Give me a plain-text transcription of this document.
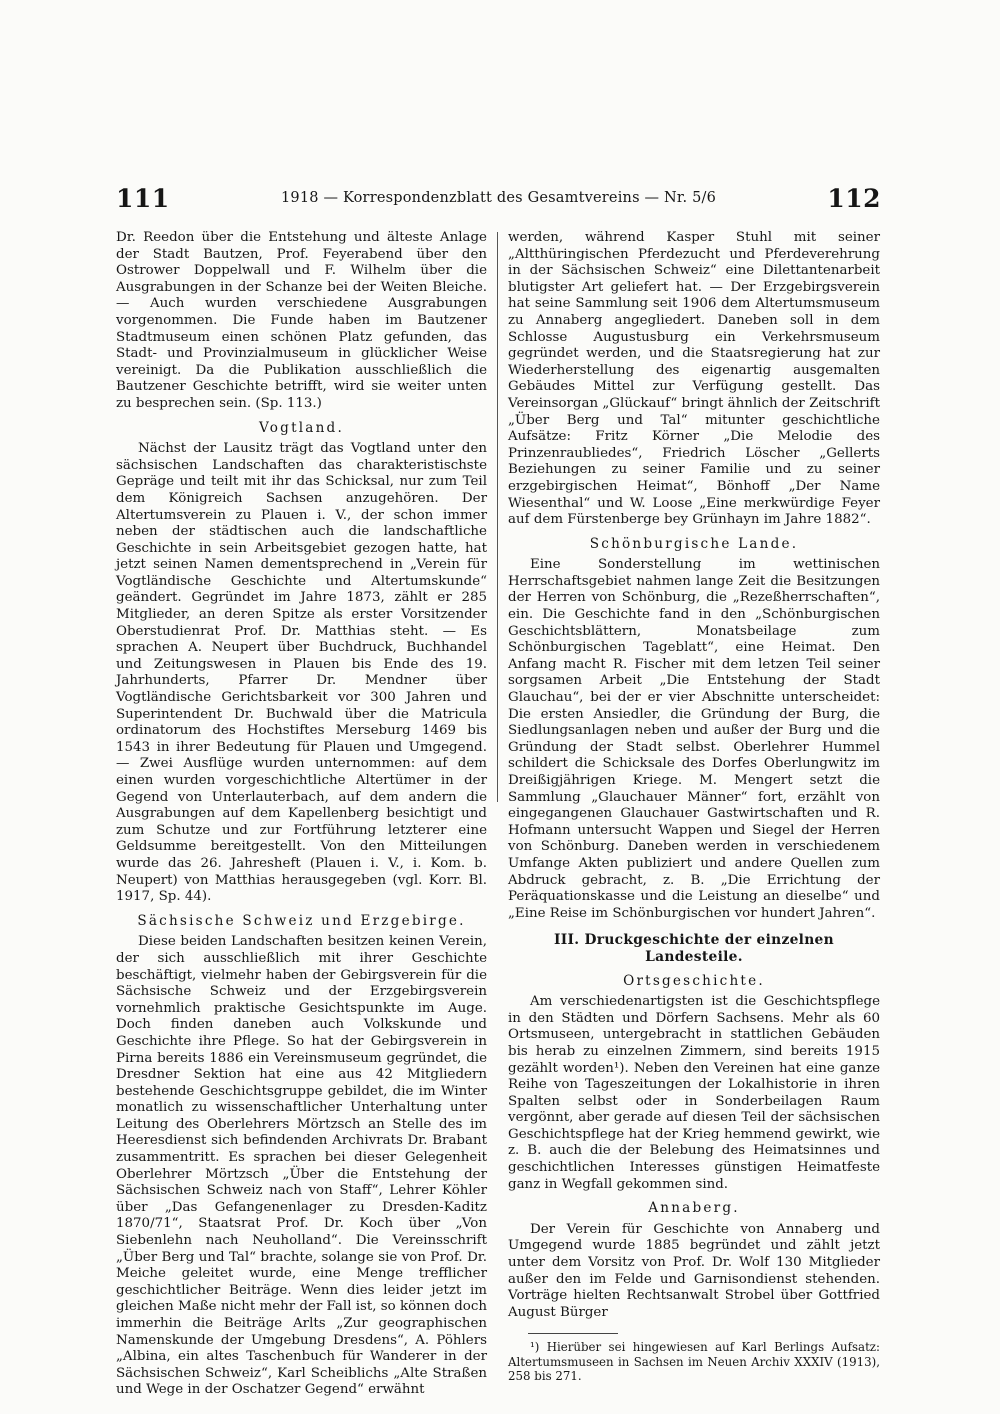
111	1918 — Korrespondenzblatt des Gesamtvereins — Nr. 5/6	112

Dr. Reedon über die Entstehung und älteste Anlage der Stadt Bautzen, Prof. Feyerabend über den Ostrower Doppelwall und F. Wilhelm über die Ausgrabungen in der Schanze bei der Weiten Bleiche. — Auch wurden verschiedene Ausgrabungen vorgenommen. Die Funde haben im Bautzener Stadtmuseum einen schönen Platz gefunden, das Stadt- und Provinzialmuseum in glücklicher Weise vereinigt. Da die Publikation ausschließlich die Bautzener Geschichte betrifft, wird sie weiter unten zu besprechen sein. (Sp. 113.)

Vogtland.

Nächst der Lausitz trägt das Vogtland unter den sächsischen Landschaften das charakteristischste Gepräge und teilt mit ihr das Schicksal, nur zum Teil dem Königreich Sachsen anzugehören. Der Altertumsverein zu Plauen i. V., der schon immer neben der städtischen auch die landschaftliche Geschichte in sein Arbeitsgebiet gezogen hatte, hat jetzt seinen Namen dementsprechend in „Verein für Vogtländische Geschichte und Altertumskunde“ geändert. Gegründet im Jahre 1873, zählt er 285 Mitglieder, an deren Spitze als erster Vorsitzender Oberstudienrat Prof. Dr. Matthias steht. — Es sprachen A. Neupert über Buchdruck, Buchhandel und Zeitungswesen in Plauen bis Ende des 19. Jahrhunderts, Pfarrer Dr. Mendner über Vogtländische Gerichtsbarkeit vor 300 Jahren und Superintendent Dr. Buchwald über die Matricula ordinatorum des Hochstiftes Merseburg 1469 bis 1543 in ihrer Bedeutung für Plauen und Umgegend. — Zwei Ausflüge wurden unternommen: auf dem einen wurden vorgeschichtliche Altertümer in der Gegend von Unterlauterbach, auf dem andern die Ausgrabungen auf dem Kapellenberg besichtigt und zum Schutze und zur Fortführung letzterer eine Geldsumme bereitgestellt. Von den Mitteilungen wurde das 26. Jahresheft (Plauen i. V., i. Kom. b. Neupert) von Matthias herausgegeben (vgl. Korr. Bl. 1917, Sp. 44).

Sächsische Schweiz und Erzgebirge.

Diese beiden Landschaften besitzen keinen Verein, der sich ausschließlich mit ihrer Geschichte beschäftigt, vielmehr haben der Gebirgsverein für die Sächsische Schweiz und der Erzgebirgsverein vornehmlich praktische Gesichtspunkte im Auge. Doch finden daneben auch Volkskunde und Geschichte ihre Pflege. So hat der Gebirgsverein in Pirna bereits 1886 ein Vereinsmuseum gegründet, die Dresdner Sektion hat eine aus 42 Mitgliedern bestehende Geschichtsgruppe gebildet, die im Winter monatlich zu wissenschaftlicher Unterhaltung unter Leitung des Oberlehrers Mörtzsch an Stelle des im Heeresdienst sich befindenden Archivrats Dr. Brabant zusammentritt. Es sprachen bei dieser Gelegenheit Oberlehrer Mörtzsch „Über die Entstehung der Sächsischen Schweiz nach von Staff“, Lehrer Köhler über „Das Gefangenenlager zu Dresden-Kaditz 1870/71“, Staatsrat Prof. Dr. Koch über „Von Siebenlehn nach Neuholland“. Die Vereinsschrift „Über Berg und Tal“ brachte, solange sie von Prof. Dr. Meiche geleitet wurde, eine Menge trefflicher geschichtlicher Beiträge. Wenn dies leider jetzt im gleichen Maße nicht mehr der Fall ist, so können doch immerhin die Beiträge Arlts „Zur geographischen Namenskunde der Umgebung Dresdens“, A. Pöhlers „Albina, ein altes Taschenbuch für Wanderer in der Sächsischen Schweiz“, Karl Scheiblichs „Alte Straßen und Wege in der Oschatzer Gegend“ erwähnt

werden, während Kasper Stuhl mit seiner „Altthüringischen Pferdezucht und Pferdeverehrung in der Sächsischen Schweiz“ eine Dilettantenarbeit blutigster Art geliefert hat. — Der Erzgebirgsverein hat seine Sammlung seit 1906 dem Altertumsmuseum zu Annaberg angegliedert. Daneben soll in dem Schlosse Augustusburg ein Verkehrsmuseum gegründet werden, und die Staatsregierung hat zur Wiederherstellung des eigenartig ausgemalten Gebäudes Mittel zur Verfügung gestellt. Das Vereinsorgan „Glückauf“ bringt ähnlich der Zeitschrift „Über Berg und Tal“ mitunter geschichtliche Aufsätze: Fritz Körner „Die Melodie des Prinzenraubliedes“, Friedrich Löscher „Gellerts Beziehungen zu seiner Familie und zu seiner erzgebirgischen Heimat“, Bönhoff „Der Name Wiesenthal“ und W. Loose „Eine merkwürdige Feyer auf dem Fürstenberge bey Grünhayn im Jahre 1882“.

Schönburgische Lande.

Eine Sonderstellung im wettinischen Herrschaftsgebiet nahmen lange Zeit die Besitzungen der Herren von Schönburg, die „Rezeßherrschaften“, ein. Die Geschichte fand in den „Schönburgischen Geschichtsblättern, Monatsbeilage zum Schönburgischen Tageblatt“, eine Heimat. Den Anfang macht R. Fischer mit dem letzen Teil seiner sorgsamen Arbeit „Die Entstehung der Stadt Glauchau“, bei der er vier Abschnitte unterscheidet: Die ersten Ansiedler, die Gründung der Burg, die Siedlungsanlagen neben und außer der Burg und die Gründung der Stadt selbst. Oberlehrer Hummel schildert die Schicksale des Dorfes Oberlungwitz im Dreißigjährigen Kriege. M. Mengert setzt die Sammlung „Glauchauer Männer“ fort, erzählt von eingegangenen Glauchauer Gastwirtschaften und R. Hofmann untersucht Wappen und Siegel der Herren von Schönburg. Daneben werden in verschiedenem Umfange Akten publiziert und andere Quellen zum Abdruck gebracht, z. B. „Die Errichtung der Peräquationskasse und die Leistung an dieselbe“ und „Eine Reise im Schönburgischen vor hundert Jahren“.

III. Druckgeschichte der einzelnen Landesteile.
Ortsgeschichte.

Am verschiedenartigsten ist die Geschichtspflege in den Städten und Dörfern Sachsens. Mehr als 60 Ortsmuseen, untergebracht in stattlichen Gebäuden bis herab zu einzelnen Zimmern, sind bereits 1915 gezählt worden¹). Neben den Vereinen hat eine ganze Reihe von Tageszeitungen der Lokalhistorie in ihren Spalten selbst oder in Sonderbeilagen Raum vergönnt, aber gerade auf diesen Teil der sächsischen Geschichtspflege hat der Krieg hemmend gewirkt, wie z. B. auch die der Belebung des Heimatsinnes und geschichtlichen Interesses günstigen Heimatfeste ganz in Wegfall gekommen sind.

Annaberg.

Der Verein für Geschichte von Annaberg und Umgegend wurde 1885 begründet und zählt jetzt unter dem Vorsitz von Prof. Dr. Wolf 130 Mitglieder außer den im Felde und Garnisondienst stehenden. Vorträge hielten Rechtsanwalt Strobel über Gottfried August Bürger

¹) Hierüber sei hingewiesen auf Karl Berlings Aufsatz: Altertumsmuseen in Sachsen im Neuen Archiv XXXIV (1913), 258 bis 271.
